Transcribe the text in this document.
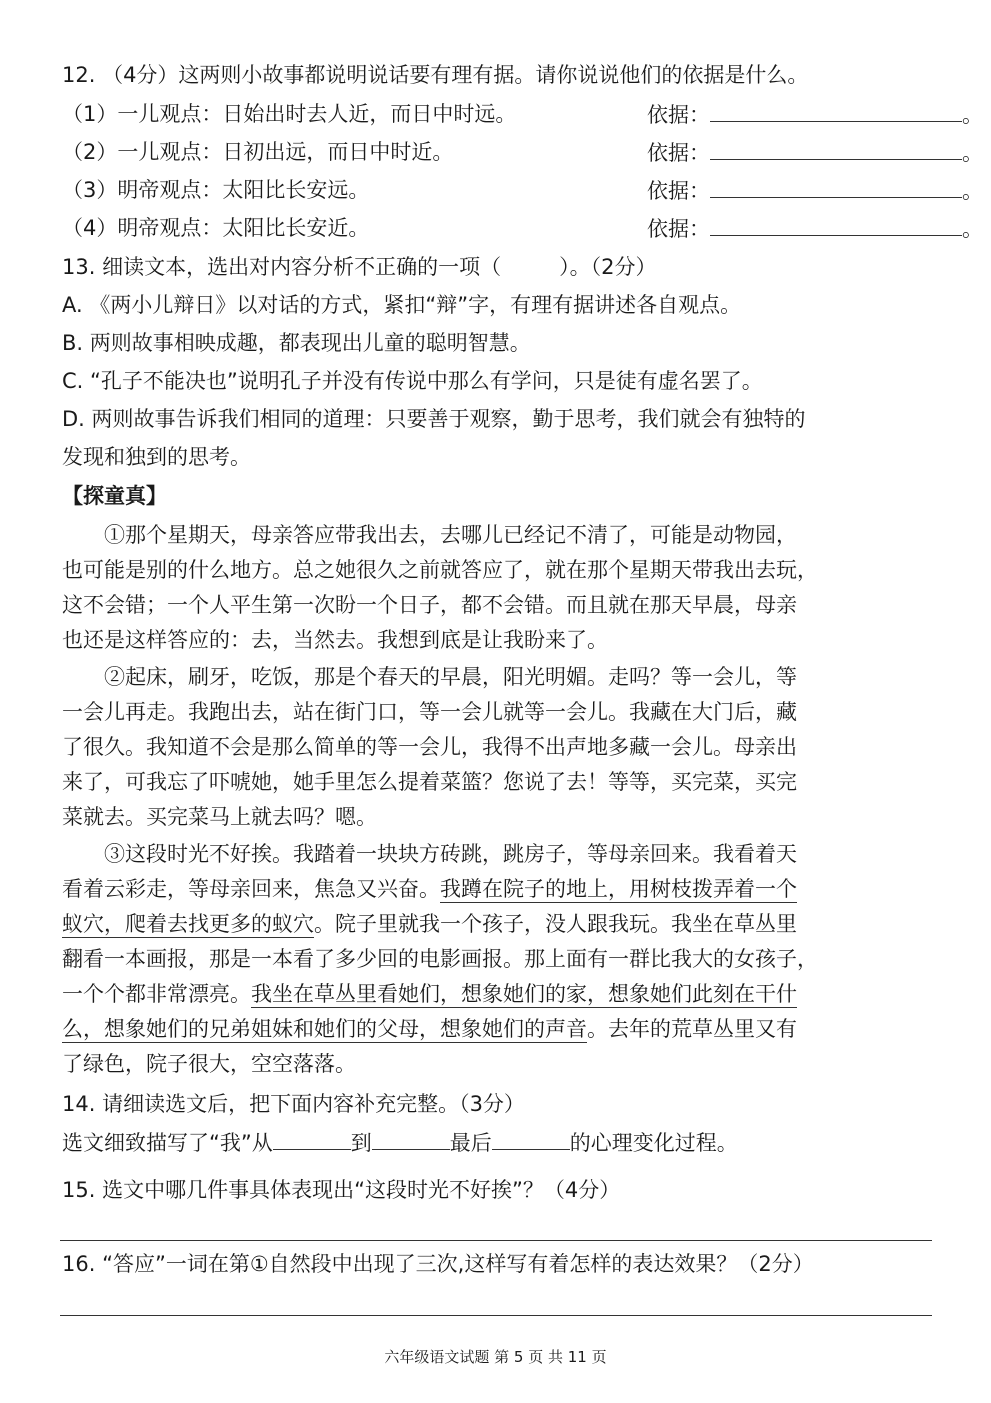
12. （4分）这两则小故事都说明说话要有理有据。请你说说他们的依据是什么。
（1）一儿观点：日始出时去人近，而日中时远。	依据：	。
（2）一儿观点：日初出远，而日中时近。	依据：	。
（3）明帝观点：太阳比长安远。	依据：	。
（4）明帝观点：太阳比长安近。	依据：	。
13. 细读文本，选出对内容分析不正确的一项（	）。（2分）
A. 《两小儿辩日》以对话的方式，紧扣“辩”字，有理有据讲述各自观点。
B. 两则故事相映成趣，都表现出儿童的聪明智慧。
C. “孔子不能决也”说明孔子并没有传说中那么有学问，只是徒有虚名罢了。
D. 两则故事告诉我们相同的道理：只要善于观察，勤于思考，我们就会有独特的
发现和独到的思考。
【探童真】
①那个星期天，母亲答应带我出去，去哪儿已经记不清了，可能是动物园，
也可能是别的什么地方。总之她很久之前就答应了，就在那个星期天带我出去玩，
这不会错；一个人平生第一次盼一个日子，都不会错。而且就在那天早晨，母亲
也还是这样答应的：去，当然去。我想到底是让我盼来了。
②起床，刷牙，吃饭，那是个春天的早晨，阳光明媚。走吗？等一会儿，等
一会儿再走。我跑出去，站在街门口，等一会儿就等一会儿。我藏在大门后，藏
了很久。我知道不会是那么简单的等一会儿，我得不出声地多藏一会儿。母亲出
来了，可我忘了吓唬她，她手里怎么提着菜篮？您说了去！等等，买完菜，买完
菜就去。买完菜马上就去吗？嗯。
③这段时光不好挨。我踏着一块块方砖跳，跳房子，等母亲回来。我看着天
看着云彩走，等母亲回来，焦急又兴奋。我蹲在院子的地上，用树枝拨弄着一个
蚁穴，爬着去找更多的蚁穴。院子里就我一个孩子，没人跟我玩。我坐在草丛里
翻看一本画报，那是一本看了多少回的电影画报。那上面有一群比我大的女孩子，
一个个都非常漂亮。我坐在草丛里看她们，想象她们的家，想象她们此刻在干什
么，想象她们的兄弟姐妹和她们的父母，想象她们的声音。去年的荒草丛里又有
了绿色，院子很大，空空落落。
14. 请细读选文后，把下面内容补充完整。（3分）
选文细致描写了“我”从	到	最后	的心理变化过程。
15. 选文中哪几件事具体表现出“这段时光不好挨”？（4分）
16. “答应”一词在第①自然段中出现了三次,这样写有着怎样的表达效果？（2分）
六年级语文试题 第 5 页 共 11 页
